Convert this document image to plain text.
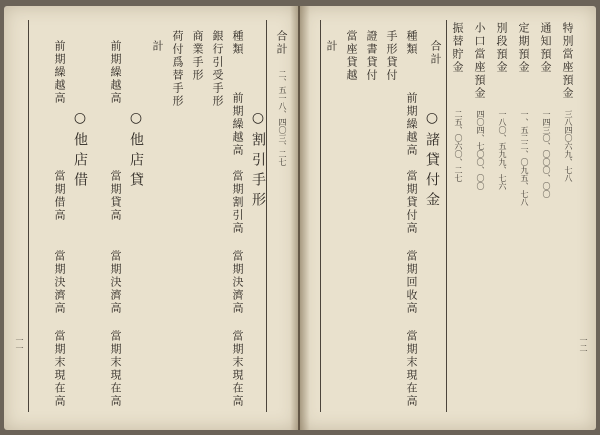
一二
特別當座預金
通知預金
定期預金
別段預金
小口當座預金
振替貯金
合計
三八四〇六九、七八
一四三〇、〇〇〇、〇〇
一、五二二、〇九五、七八
一八〇、五九九、七六
四〇四、七〇〇、〇〇
二五、〇六〇、二七
○諸貸付金
種類
前期繰越高
當期貸付高
當期回收高
當期末現在高
手形貸付
證書貸付
當座貸越
計
一一
合計
二、五一八、四〇三、二七
○割引手形
種類
前期繰越高
當期割引高
當期決濟高
當期末現在高
銀行引受手形
商業手形
荷付爲替手形
計
○他店貸
前期繰越高
當期貸高
當期決濟高
當期末現在高
○他店借
前期繰越高
當期借高
當期決濟高
當期末現在高
